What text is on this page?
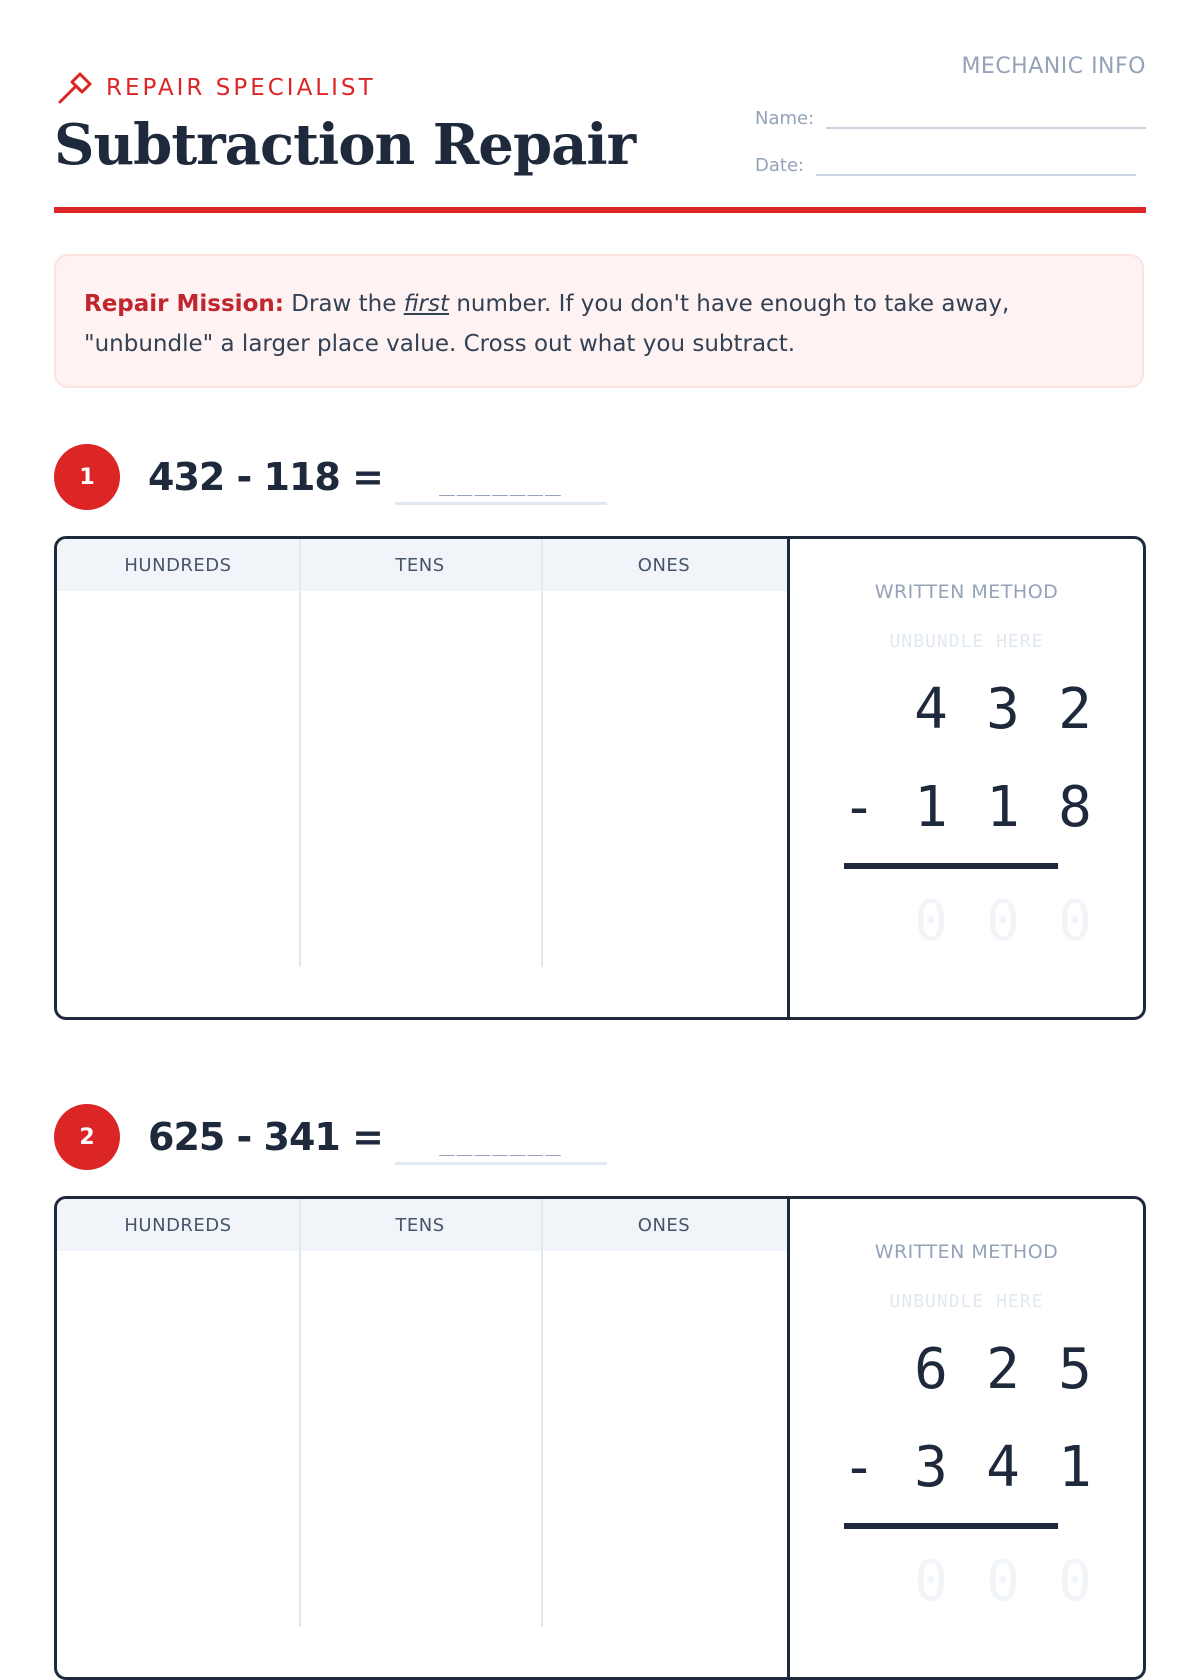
REPAIR SPECIALIST
Subtraction Repair
MECHANIC INFO
Name:
Date:
Repair Mission: Draw the first number. If you don't have enough to take away, "unbundle" a larger place value. Cross out what you subtract.
1	432 - 118 =	_______
HUNDREDS	TENS	ONES
WRITTEN METHOD
UNBUNDLE HERE
4 3 2
- 1 1 8
0 0 0
2	625 - 341 =	_______
HUNDREDS	TENS	ONES
WRITTEN METHOD
UNBUNDLE HERE
6 2 5
- 3 4 1
0 0 0
